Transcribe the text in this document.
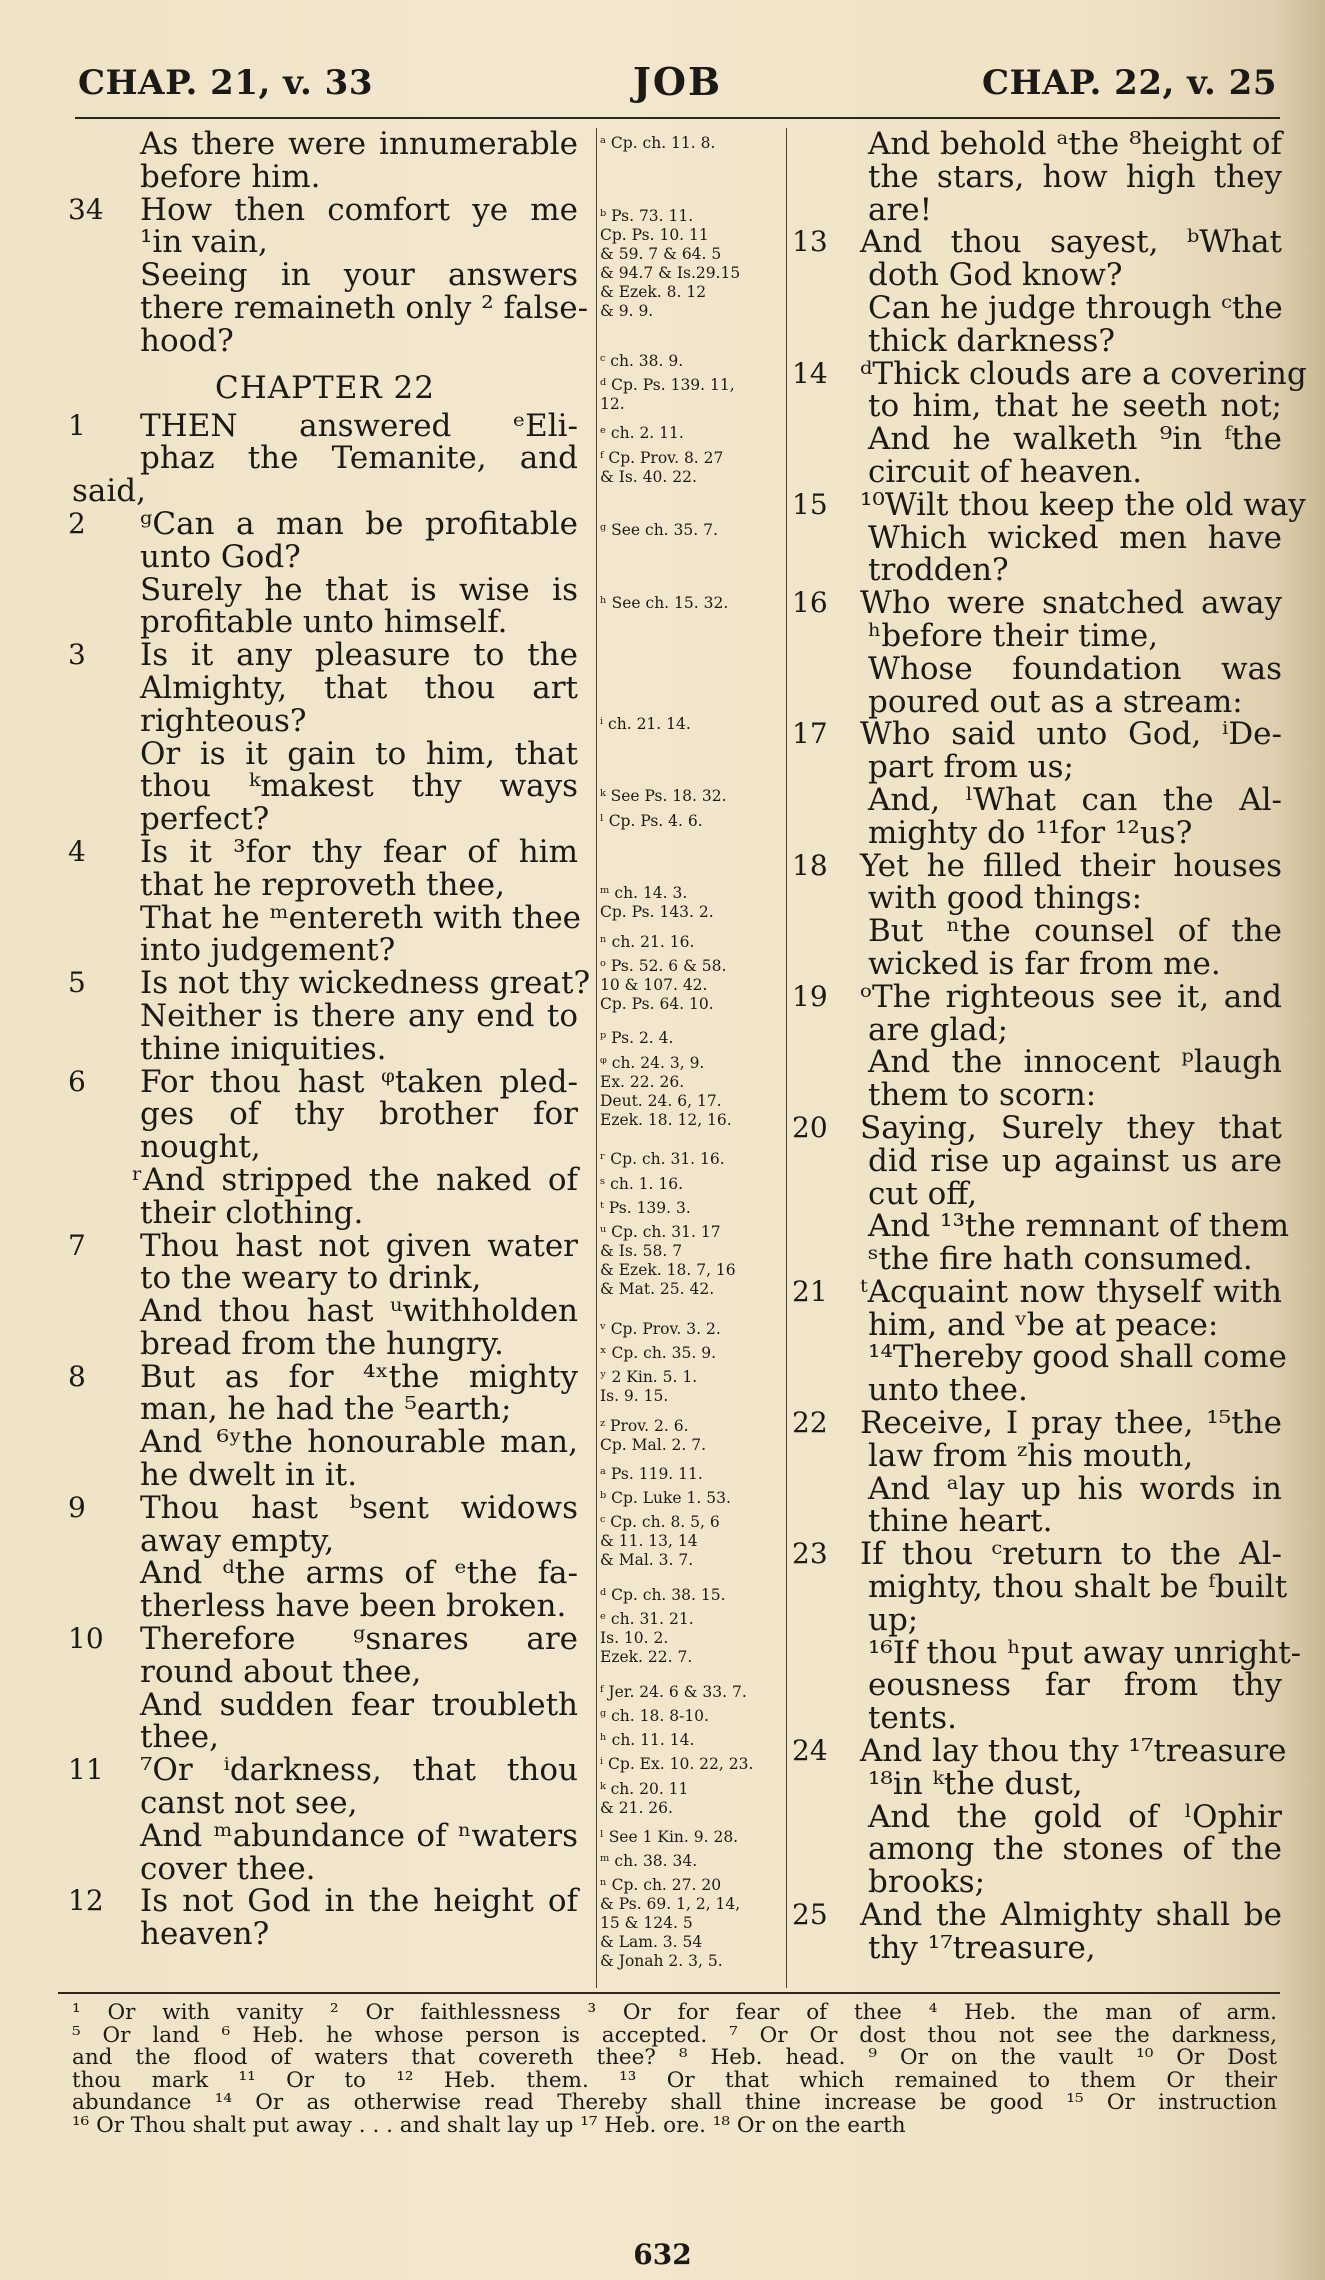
CHAP. 21, v. 33	JOB	CHAP. 22, v. 25
As there were innumerable
before him.
34 How then comfort ye me
¹in vain,
Seeing in your answers
there remaineth only ² false-
hood?
CHAPTER 22
1 THEN answered ᵉEli-
phaz the Temanite, and
said,
2 ᵍCan a man be profitable
unto God?
Surely he that is wise is
profitable unto himself.
3 Is it any pleasure to the
Almighty, that thou art
righteous?
Or is it gain to him, that
thou ᵏmakest thy ways
perfect?
4 Is it ³for thy fear of him
that he reproveth thee,
That he ᵐentereth with thee
into judgement?
5 Is not thy wickedness great?
Neither is there any end to
thine iniquities.
6 For thou hast ᵠtaken pled-
ges of thy brother for
nought,
ʳAnd stripped the naked of
their clothing.
7 Thou hast not given water
to the weary to drink,
And thou hast ᵘwithholden
bread from the hungry.
8 But as for ⁴ˣthe mighty
man, he had the ⁵earth;
And ⁶ʸthe honourable man,
he dwelt in it.
9 Thou hast ᵇsent widows
away empty,
And ᵈthe arms of ᵉthe fa-
therless have been broken.
10 Therefore ᵍsnares are
round about thee,
And sudden fear troubleth
thee,
11 ⁷Or ⁱdarkness, that thou
canst not see,
And ᵐabundance of ⁿwaters
cover thee.
12 Is not God in the height of
heaven?
ᵃ Cp. ch. 11. 8.
ᵇ Ps. 73. 11.
Cp. Ps. 10. 11
& 59. 7 & 64. 5
& 94.7 & Is.29.15
& Ezek. 8. 12
& 9. 9.
ᶜ ch. 38. 9.
ᵈ Cp. Ps. 139. 11,
12.
ᵉ ch. 2. 11.
ᶠ Cp. Prov. 8. 27
& Is. 40. 22.
ᵍ See ch. 35. 7.
ʰ See ch. 15. 32.
ⁱ ch. 21. 14.
ᵏ See Ps. 18. 32.
ˡ Cp. Ps. 4. 6.
ᵐ ch. 14. 3.
Cp. Ps. 143. 2.
ⁿ ch. 21. 16.
ᵒ Ps. 52. 6 & 58.
10 & 107. 42.
Cp. Ps. 64. 10.
ᵖ Ps. 2. 4.
ᵠ ch. 24. 3, 9.
Ex. 22. 26.
Deut. 24. 6, 17.
Ezek. 18. 12, 16.
ʳ Cp. ch. 31. 16.
ˢ ch. 1. 16.
ᵗ Ps. 139. 3.
ᵘ Cp. ch. 31. 17
& Is. 58. 7
& Ezek. 18. 7, 16
& Mat. 25. 42.
ᵛ Cp. Prov. 3. 2.
ˣ Cp. ch. 35. 9.
ʸ 2 Kin. 5. 1.
Is. 9. 15.
ᶻ Prov. 2. 6.
Cp. Mal. 2. 7.
ᵃ Ps. 119. 11.
ᵇ Cp. Luke 1. 53.
ᶜ Cp. ch. 8. 5, 6
& 11. 13, 14
& Mal. 3. 7.
ᵈ Cp. ch. 38. 15.
ᵉ ch. 31. 21.
Is. 10. 2.
Ezek. 22. 7.
ᶠ Jer. 24. 6 & 33. 7.
ᵍ ch. 18. 8-10.
ʰ ch. 11. 14.
ⁱ Cp. Ex. 10. 22, 23.
ᵏ ch. 20. 11
& 21. 26.
ˡ See 1 Kin. 9. 28.
ᵐ ch. 38. 34.
ⁿ Cp. ch. 27. 20
& Ps. 69. 1, 2, 14,
15 & 124. 5
& Lam. 3. 54
& Jonah 2. 3, 5.
And behold ᵃthe ⁸height of
the stars, how high they
are!
13 And thou sayest, ᵇWhat
doth God know?
Can he judge through ᶜthe
thick darkness?
14 ᵈThick clouds are a covering
to him, that he seeth not;
And he walketh ⁹in ᶠthe
circuit of heaven.
15 ¹⁰Wilt thou keep the old way
Which wicked men have
trodden?
16 Who were snatched away
ʰbefore their time,
Whose foundation was
poured out as a stream:
17 Who said unto God, ⁱDe-
part from us;
And, ˡWhat can the Al-
mighty do ¹¹for ¹²us?
18 Yet he filled their houses
with good things:
But ⁿthe counsel of the
wicked is far from me.
19 ᵒThe righteous see it, and
are glad;
And the innocent ᵖlaugh
them to scorn:
20 Saying, Surely they that
did rise up against us are
cut off,
And ¹³the remnant of them
ˢthe fire hath consumed.
21 ᵗAcquaint now thyself with
him, and ᵛbe at peace:
¹⁴Thereby good shall come
unto thee.
22 Receive, I pray thee, ¹⁵the
law from ᶻhis mouth,
And ᵃlay up his words in
thine heart.
23 If thou ᶜreturn to the Al-
mighty, thou shalt be ᶠbuilt
up;
¹⁶If thou ʰput away unright-
eousness far from thy
tents.
24 And lay thou thy ¹⁷treasure
¹⁸in ᵏthe dust,
And the gold of ˡOphir
among the stones of the
brooks;
25 And the Almighty shall be
thy ¹⁷treasure,
¹ Or with vanity ² Or faithlessness ³ Or for fear of thee ⁴ Heb. the man of arm.
⁵ Or land ⁶ Heb. he whose person is accepted. ⁷ Or Or dost thou not see the darkness,
and the flood of waters that covereth thee? ⁸ Heb. head. ⁹ Or on the vault ¹⁰ Or Dost
thou mark ¹¹ Or to ¹² Heb. them. ¹³ Or that which remained to them Or their
abundance ¹⁴ Or as otherwise read Thereby shall thine increase be good ¹⁵ Or instruction
¹⁶ Or Thou shalt put away . . . and shalt lay up ¹⁷ Heb. ore. ¹⁸ Or on the earth
632
